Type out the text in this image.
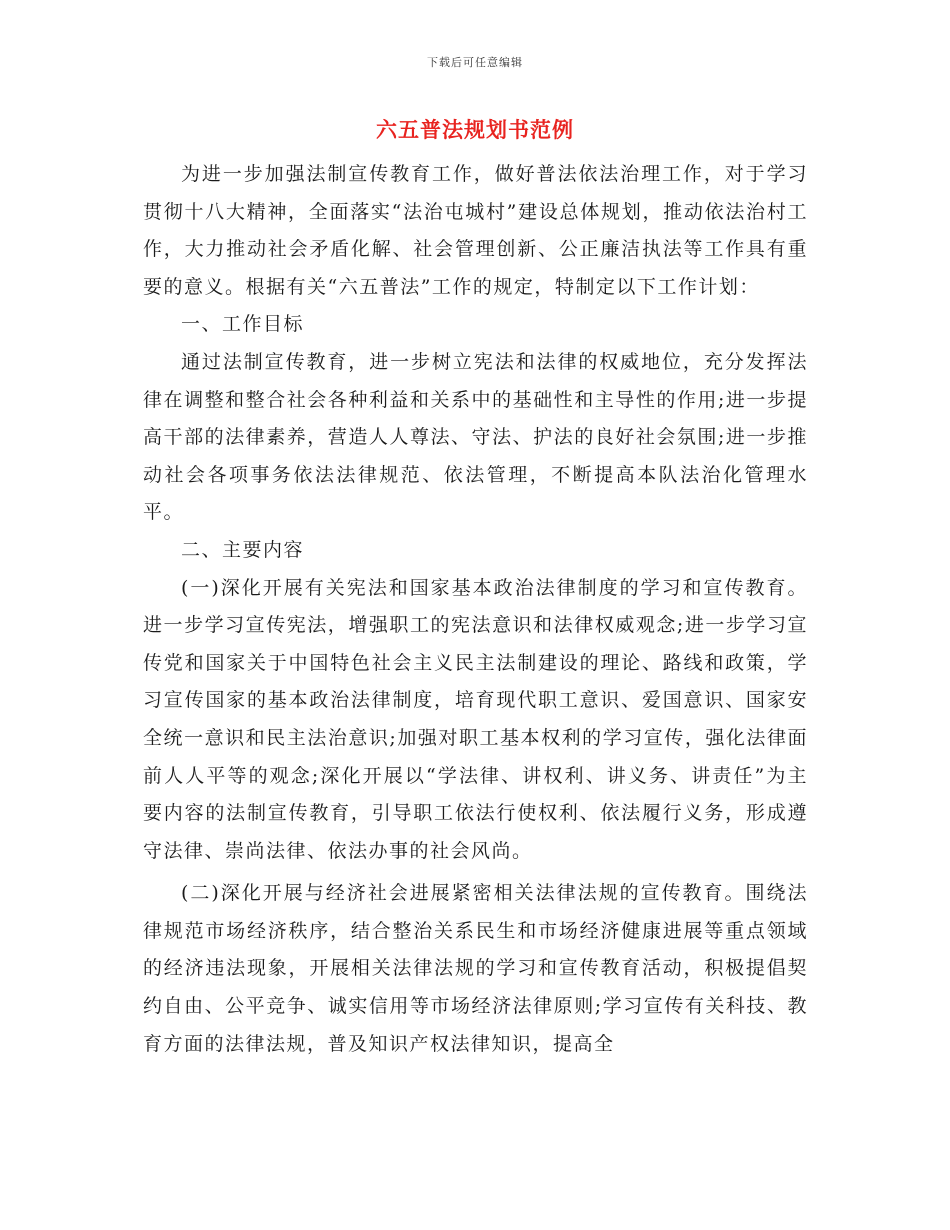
下载后可任意编辑
六五普法规划书范例

为进一步加强法制宣传教育工作，做好普法依法治理工作，对于学习贯彻十八大精神，全面落实“法治屯城村”建设总体规划，推动依法治村工作，大力推动社会矛盾化解、社会管理创新、公正廉洁执法等工作具有重要的意义。根据有关“六五普法”工作的规定，特制定以下工作计划：

一、工作目标

通过法制宣传教育，进一步树立宪法和法律的权威地位，充分发挥法律在调整和整合社会各种利益和关系中的基础性和主导性的作用;进一步提高干部的法律素养，营造人人尊法、守法、护法的良好社会氛围;进一步推动社会各项事务依法法律规范、依法管理，不断提高本队法治化管理水平。

二、主要内容

(一)深化开展有关宪法和国家基本政治法律制度的学习和宣传教育。进一步学习宣传宪法，增强职工的宪法意识和法律权威观念;进一步学习宣传党和国家关于中国特色社会主义民主法制建设的理论、路线和政策，学习宣传国家的基本政治法律制度，培育现代职工意识、爱国意识、国家安全统一意识和民主法治意识;加强对职工基本权利的学习宣传，强化法律面前人人平等的观念;深化开展以“学法律、讲权利、讲义务、讲责任”为主要内容的法制宣传教育，引导职工依法行使权利、依法履行义务，形成遵守法律、崇尚法律、依法办事的社会风尚。

(二)深化开展与经济社会进展紧密相关法律法规的宣传教育。围绕法律规范市场经济秩序，结合整治关系民生和市场经济健康进展等重点领域的经济违法现象，开展相关法律法规的学习和宣传教育活动，积极提倡契约自由、公平竞争、诚实信用等市场经济法律原则;学习宣传有关科技、教育方面的法律法规，普及知识产权法律知识，提高全
